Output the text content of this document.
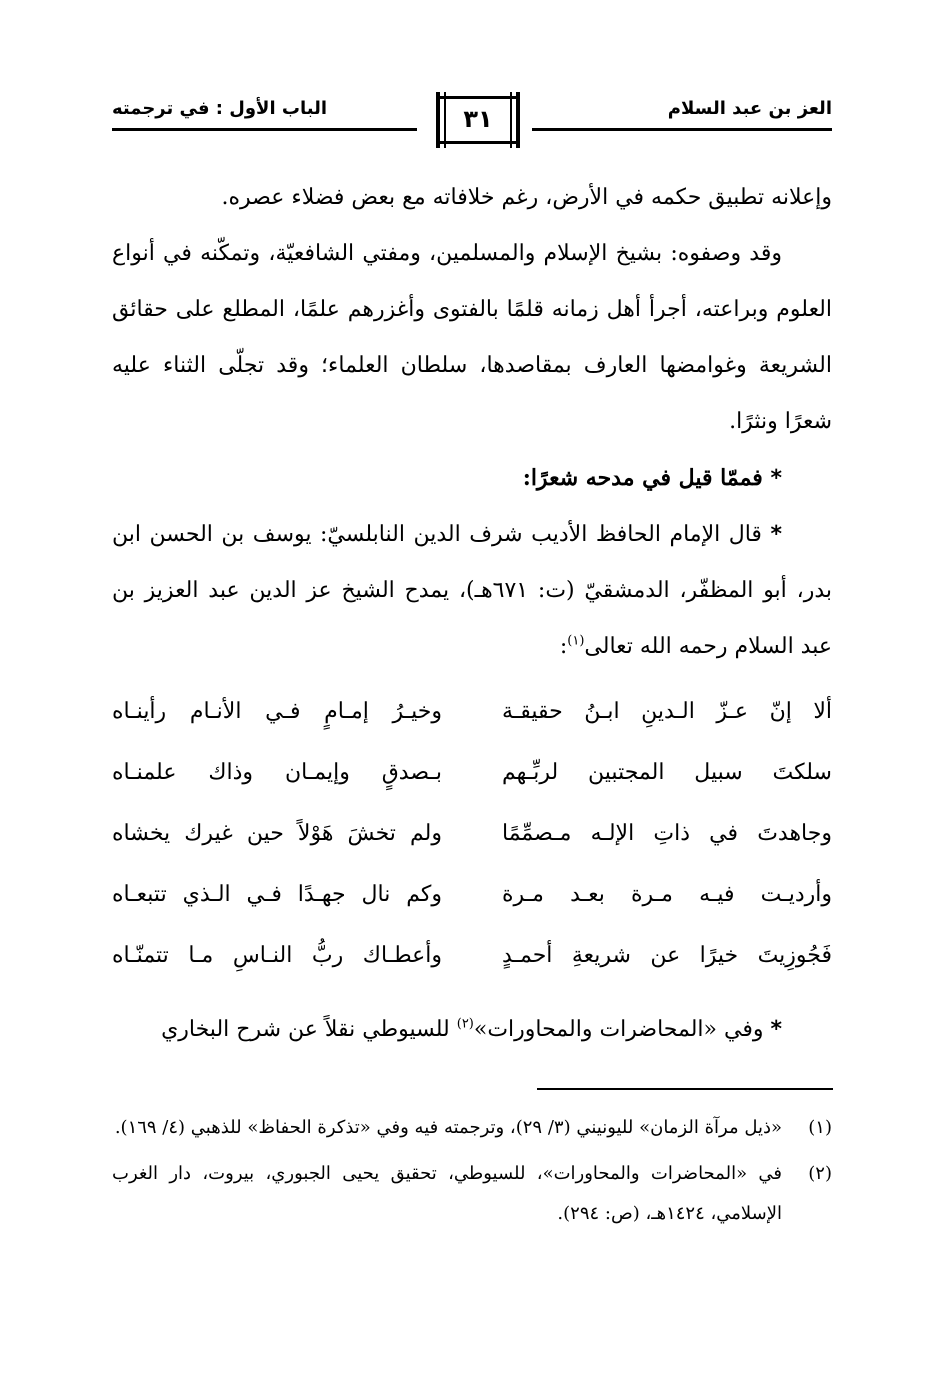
العز بن عبد السلام
٣١
الباب الأول : في ترجمته

وإعلانه تطبيق حكمه في الأرض، رغم خلافاته مع بعض فضلاء عصره.

وقد وصفوه: بشيخ الإسلام والمسلمين، ومفتي الشافعيّة، وتمكّنه في أنواع العلوم وبراعته، أجرأ أهل زمانه قلمًا بالفتوى وأغزرهم علمًا، المطلع على حقائق الشريعة وغوامضها العارف بمقاصدها، سلطان العلماء؛ وقد تجلّى الثناء عليه شعرًا ونثرًا.

* فممّا قيل في مدحه شعرًا:

* قال الإمام الحافظ الأديب شرف الدين النابلسيّ: يوسف بن الحسن ابن بدر، أبو المظفّر، الدمشقيّ (ت: ٦٧١هـ)، يمدح الشيخ عز الدين عبد العزيز بن عبد السلام رحمه الله تعالى$^{(١)}$:

ألا إنّ عـزّ الـدينِ ابـنُ حقيقـة
وخيـرُ إمـامٍ فـي الأنـام رأينـاه
سلكتَ سبيل المجتبين لربِّـهم
بـصدقٍ وإيمـان وذاك علمنـاه
وجاهدتَ في ذاتِ الإلـه مـصمِّمًا
ولم تخشَ هَوْلاً حين غيرك يخشاه
وأرديـت فيـه مـرة بعـد مـرة
وكم نال جهـدًا فـي الـذي تتبعـاه
فَجُوزِيتَ خيرًا عن شريعةِ أحمـدٍ
وأعطـاك ربُّ النـاسِ مـا تتمنّـاه

* وفي «المحاضرات والمحاورات»$^{(٢)}$ للسيوطي نقلاً عن شرح البخاري

(١)
«ذيل مرآة الزمان» لليونيني (٣/ ٢٩)، وترجمته فيه وفي «تذكرة الحفاظ» للذهبي (٤/ ١٦٩).
(٢)
في «المحاضرات والمحاورات»، للسيوطي، تحقيق يحيى الجبوري، بيروت، دار الغرب الإسلامي، ١٤٢٤هـ، (ص: ٢٩٤).
